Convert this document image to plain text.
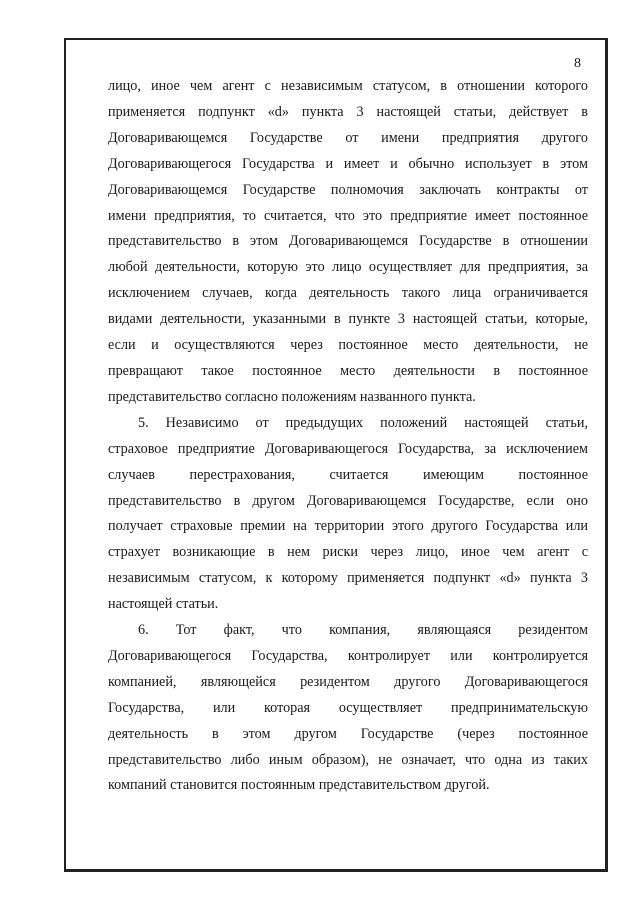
8

лицо, иное чем агент с независимым статусом, в отношении которого

применяется подпункт «d» пункта 3 настоящей статьи, действует в

Договаривающемся Государстве от имени предприятия другого

Договаривающегося Государства и имеет и обычно использует в этом

Договаривающемся Государстве полномочия заключать контракты от

имени предприятия, то считается, что это предприятие имеет постоянное

представительство в этом Договаривающемся Государстве в отношении

любой деятельности, которую это лицо осуществляет для предприятия, за

исключением случаев, когда деятельность такого лица ограничивается

видами деятельности, указанными в пункте 3 настоящей статьи, которые,

если и осуществляются через постоянное место деятельности, не

превращают такое постоянное место деятельности в постоянное

представительство согласно положениям названного пункта.

5. Независимо от предыдущих положений настоящей статьи,

страховое предприятие Договаривающегося Государства, за исключением

случаев перестрахования, считается имеющим постоянное

представительство в другом Договаривающемся Государстве, если оно

получает страховые премии на территории этого другого Государства или

страхует возникающие в нем риски через лицо, иное чем агент с

независимым статусом, к которому применяется подпункт «d» пункта 3

настоящей статьи.

6. Тот факт, что компания, являющаяся резидентом

Договаривающегося Государства, контролирует или контролируется

компанией, являющейся резидентом другого Договаривающегося

Государства, или которая осуществляет предпринимательскую

деятельность в этом другом Государстве (через постоянное

представительство либо иным образом), не означает, что одна из таких

компаний становится постоянным представительством другой.
